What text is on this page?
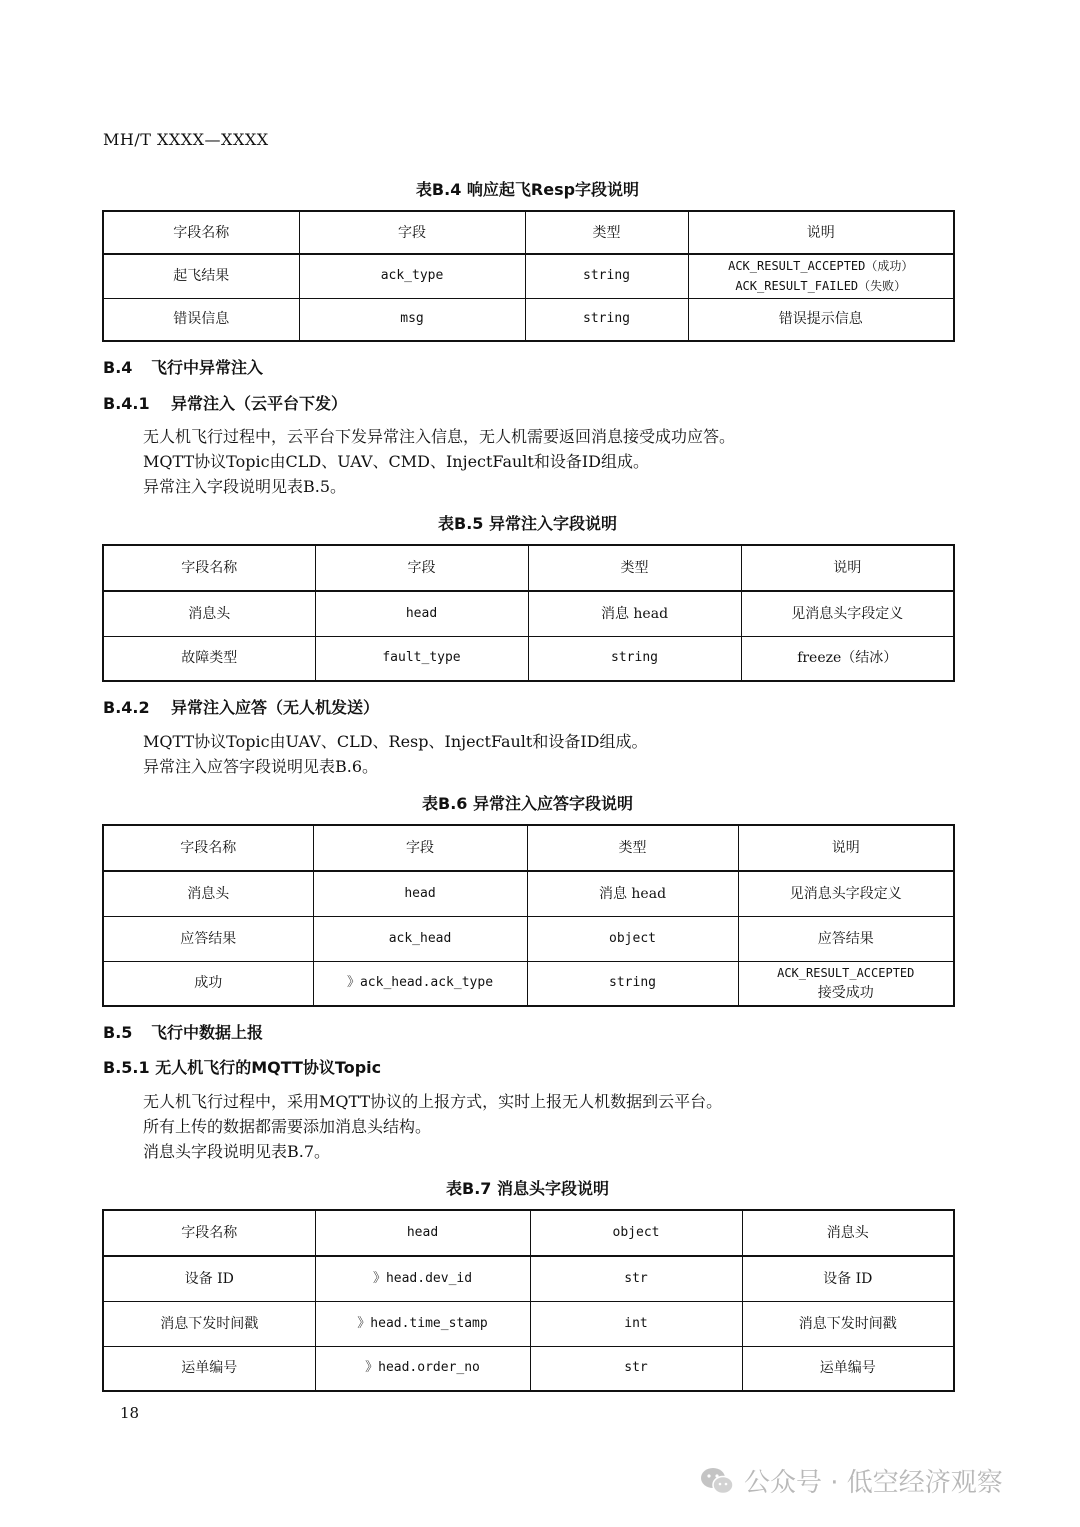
MH/T XXXX—XXXX
表B.4 响应起飞Resp字段说明
字段名称	字段	类型	说明
起飞结果	ack_type	string	ACK_RESULT_ACCEPTED（成功）
ACK_RESULT_FAILED（失败）

错误信息	msg	string	错误提示信息
B.4 飞行中异常注入
B.4.1 异常注入（云平台下发）
无人机飞行过程中，云平台下发异常注入信息，无人机需要返回消息接受成功应答。
MQTT协议Topic由CLD、UAV、CMD、InjectFault和设备ID组成。
异常注入字段说明见表B.5。
表B.5 异常注入字段说明
字段名称	字段	类型	说明
消息头	head	消息 head	见消息头字段定义
故障类型	fault_type	string	freeze（结冰）
B.4.2 异常注入应答（无人机发送）
MQTT协议Topic由UAV、CLD、Resp、InjectFault和设备ID组成。
异常注入应答字段说明见表B.6。
表B.6 异常注入应答字段说明
字段名称	字段	类型	说明
消息头	head	消息 head	见消息头字段定义
应答结果	ack_head	object	应答结果
成功	》ack_head.ack_type	string	ACK_RESULT_ACCEPTED
接受成功
B.5 飞行中数据上报
B.5.1 无人机飞行的MQTT协议Topic
无人机飞行过程中，采用MQTT协议的上报方式，实时上报无人机数据到云平台。
所有上传的数据都需要添加消息头结构。
消息头字段说明见表B.7。
表B.7 消息头字段说明
字段名称	head	object	消息头
设备 ID	》head.dev_id	str	设备 ID
消息下发时间戳	》head.time_stamp	int	消息下发时间戳
运单编号	》head.order_no	str	运单编号
18
公众号 · 低空经济观察
